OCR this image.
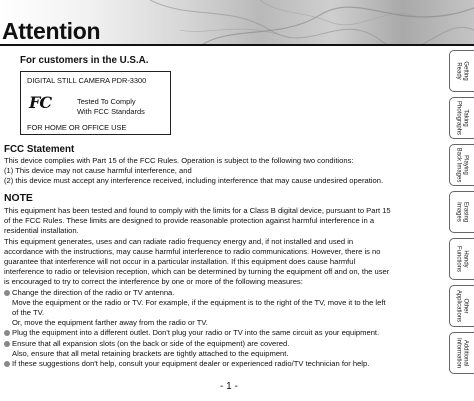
Attention
For customers in the U.S.A.
DIGITAL STILL CAMERA PDR-3300
FC	Tested To Comply
With FCC Standards
FOR HOME OR OFFICE USE
FCC Statement

This device complies with Part 15 of the FCC Rules. Operation is subject to the following two conditions:

(1) This device may not cause harmful interference, and

(2) this device must accept any interference received, including interference that may cause undesired operation.

NOTE

This equipment has been tested and found to comply with the limits for a Class B digital device, pursuant to Part 15

of the FCC Rules. These limits are designed to provide reasonable protection against harmful interference in a

residential installation.

This equipment generates, uses and can radiate radio frequency energy and, if not installed and used in

accordance with the instructions, may cause harmful interference to radio communications. However, there is no

guarantee that interference will not occur in a particular installation. If this equipment does cause harmful

interference to radio or television reception, which can be determined by turning the equipment off and on, the user

is encouraged to try to correct the interference by one or more of the following measures:

Change the direction of the radio or TV antenna.

Move the equipment or the radio or TV. For example, if the equipment is to the right of the TV, move it to the left

of the TV.

Or, move the equipment farther away from the radio or TV.

Plug the equipment into a different outlet. Don't plug your radio or TV into the same circuit as your equipment.

Ensure that all expansion slots (on the back or side of the equipment) are covered.

Also, ensure that all metal retaining brackets are tightly attached to the equipment.

If these suggestions don't help, consult your equipment dealer or experienced radio/TV technician for help.

- 1 -
Getting
Ready
Taking
Photographs
Playing
Back Images
Erasing
Images
Handy
Functions
Other
Applications
Additional
Information
